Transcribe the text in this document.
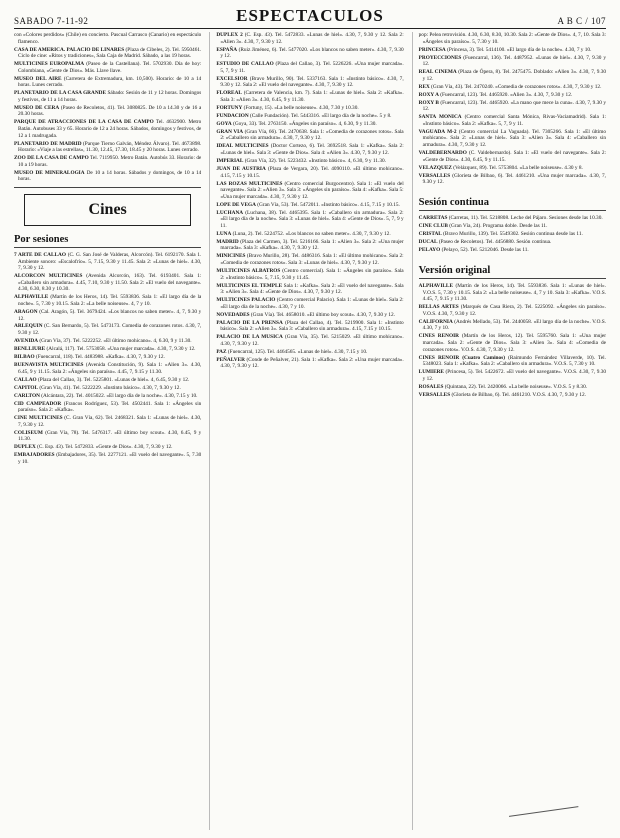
SABADO 7-11-92	ESPECTACULOS	A B C / 107

con «Colores perdidos» (Chile) en concierto. Pascual Carrasco (Canario) en espectáculo flamenco.

CASA DE AMERICA. PALACIO DE LINARES (Plaza de Cibeles, 2). Tel. 5950461. Ciclo de cine: «Ritos y tradiciones», Sala Caja de Madrid. Sábado, a las 19 horas.

MULTICINES EUROPALMA (Paseo de la Castellana). Tel. 5702930. Día de hoy: Colombiana, «Gente de Dios». Más. Llave llave.

MUSEO DEL AIRE (Carretera de Extremadura, km. 10,500). Horario: de 10 a 14 horas. Lunes cerrado.

PLANETARIO DE LA CASA GRANDE Sábado: Sesión de 11 y 12 horas. Domingos y festivos, de 11 a 14 horas.

MUSEO DE CERA (Paseo de Recoletos, 41). Tel. 3080825. De 10 a 14.30 y de 16 a 20.30 horas.

PARQUE DE ATRACCIONES DE LA CASA DE CAMPO Tel. 4632900. Metro Batán. Autobuses 33 y 65. Horario de 12 a 24 horas. Sábados, domingos y festivos, de 12 a 1 madrugada.

PLANETARIO DE MADRID (Parque Tierno Galván, Méndez Álvaro). Tel. 4673898. Horario: «Viaje a las estrellas», 11.30, 12.45, 17.30, 18.45 y 20 horas. Lunes cerrado.

ZOO DE LA CASA DE CAMPO Tel. 7119950. Metro Batán. Autobús 33. Horario: de 10 a 19 horas.

MUSEO DE MINERALOGIA De 10 a 14 horas. Sábados y domingos, de 10 a 14 horas.

Cines
Por sesiones

7 ARTE DE CALLAO (C. G. San José de Valderas, Alcorcón). Tel. 6192170. Sala 1. Ambiente sonoro: «Escalofrío». 5, 7.15, 9.30 y 11.45. Sala 2: «Lunas de hiel». 4.30, 7, 9.30 y 12.

ALCORCON MULTICINES (Avenida Alcorcón, 163). Tel. 6193401. Sala 1: «Caballero sin armadura». 4.45, 7.10, 9.30 y 11.50. Sala 2: «El vuelo del navegante». 4.30, 6.30, 8.30 y 10.30.

ALPHAVILLE (Martín de los Heros, 14). Tel. 5593836. Sala 1: «El largo día de la noche». 5, 7.30 y 10.15. Sala 2: «La belle noiseuse». 4, 7 y 10.

ARAGON (Cal. Aragón, 5). Tel. 3679424. «Los blancos no saben meter». 4, 7, 9.30 y 12.

ARLEQUIN (C. San Bernardo, 5). Tel. 5473173. Comedia de corazones rotos. 4.30, 7, 9.30 y 12.

AVENIDA (Gran Vía, 37). Tel. 5222252. «El último mohicano». 4, 6.30, 9 y 11.30.

BENLLIURE (Alcalá, 117). Tel. 5753058. «Una mujer marcada». 4.30, 7, 9.30 y 12.

BILBAO (Fuencarral, 118). Tel. 4483988. «Kafka». 4.30, 7, 9.30 y 12.

BUENAVISTA MULTICINES (Avenida Constitución, 9). Sala 1: «Alien 3». 4.30, 6.45, 9 y 11.15. Sala 2: «Ángeles sin paraíso». 4.45, 7, 9.15 y 11.30.

CALLAO (Plaza del Callao, 3). Tel. 5225801. «Lunas de hiel». 4, 6.45, 9.30 y 12.

CAPITOL (Gran Vía, 41). Tel. 5222229. «Instinto básico». 4.30, 7, 9.30 y 12.

CARLTON (Alcántara, 22). Tel. 4015022. «El largo día de la noche». 4.30, 7.15 y 10.

CID CAMPEADOR (Francos Rodríguez, 53). Tel. 4502441. Sala 1: «Ángeles sin paraíso». Sala 2: «Kafka».

CINE MULTICINES (C. Gran Vía, 62). Tel. 2468321. Sala 1: «Lunas de hiel». 4.30, 7, 9.30 y 12.

COLISEUM (Gran Vía, 78). Tel. 5476317. «El último boy scout». 4.30, 6.45, 9 y 11.30.

DUPLEX (C. Esp. 43). Tel. 5472833. «Gente de Dios». 4.30, 7, 9.30 y 12.

EMBAJADORES (Embajadores, 35). Tel. 2277121. «El vuelo del navegante». 5, 7.30 y 10.

DUPLEX 2 (C. Esp. 43). Tel. 5472833. «Lunas de hiel». 4.30, 7, 9.30 y 12. Sala 2: «Alien 3». 4.30, 7, 9.30 y 12.

ESPAÑA (Ruiz Jiménez, 6). Tel. 5477020. «Los blancos no saben meter». 4.30, 7, 9.30 y 12.

ESTUDIO DE CALLAO (Plaza del Callao, 3). Tel. 5226226. «Una mujer marcada». 5, 7, 9 y 11.

EXCELSIOR (Bravo Murillo, 90). Tel. 5337163. Sala 1: «Instinto básico». 4.30, 7, 9.30 y 12. Sala 2: «El vuelo del navegante». 4.30, 7, 9.30 y 12.

FLOREAL (Carretera de Valencia, km. 7). Sala 1: «Lunas de hiel». Sala 2: «Kafka». Sala 3: «Alien 3». 4.30, 6.45, 9 y 11.30.

FORTUNY (Fortuny, 15). «La belle noiseuse». 4.30, 7.30 y 10.30.

FUNDACION (Calle Fundación). Tel. 5443316. «El largo día de la noche». 5 y 8.

GOYA (Goya, 33). Tel. 2763150. «Ángeles sin paraíso». 4, 6.30, 9 y 11.30.

GRAN VIA (Gran Vía, 66). Tel. 2470638. Sala 1: «Comedia de corazones rotos». Sala 2: «Caballero sin armadura». 4.30, 7, 9.30 y 12.

IDEAL MULTICINES (Doctor Cortezo, 6). Tel. 3692518. Sala 1: «Kafka». Sala 2: «Lunas de hiel». Sala 3: «Gente de Dios». Sala 4: «Alien 3». 4.30, 7, 9.30 y 12.

IMPERIAL (Gran Vía, 32). Tel. 5223432. «Instinto básico». 4, 6.30, 9 y 11.30.

JUAN DE AUSTRIA (Plaza de Vergara, 20). Tel. 4090110. «El último mohicano». 4.15, 7.15 y 10.15.

LAS ROZAS MULTICINES (Centro comercial Burgocentro). Sala 1: «El vuelo del navegante». Sala 2: «Alien 3». Sala 3: «Ángeles sin paraíso». Sala 4: «Kafka». Sala 5: «Una mujer marcada». 4.30, 7, 9.30 y 12.

LOPE DE VEGA (Gran Vía, 53). Tel. 5472011. «Instinto básico». 4.15, 7.15 y 10.15.

LUCHANA (Luchana, 38). Tel. 4465395. Sala 1: «Caballero sin armadura». Sala 2: «El largo día de la noche». Sala 3: «Lunas de hiel». Sala 4: «Gente de Dios». 5, 7, 9 y 11.

LUNA (Luna, 2). Tel. 5224752. «Los blancos no saben meter». 4.30, 7, 9.30 y 12.

MADRID (Plaza del Carmen, 3). Tel. 5216166. Sala 1: «Alien 3». Sala 2: «Una mujer marcada». Sala 3: «Kafka». 4.30, 7, 9.30 y 12.

MINICINES (Bravo Murillo, 28). Tel. 4486316. Sala 1: «El último mohicano». Sala 2: «Comedia de corazones rotos». Sala 3: «Lunas de hiel». 4.30, 7, 9.30 y 12.

MULTICINES ALBATROS (Centro comercial). Sala 1: «Ángeles sin paraíso». Sala 2: «Instinto básico». 5, 7.15, 9.30 y 11.45.

MULTICINES EL TEMPLE Sala 1: «Kafka». Sala 2: «El vuelo del navegante». Sala 3: «Alien 3». Sala 4: «Gente de Dios». 4.30, 7, 9.30 y 12.

MULTICINES PALACIO (Centro comercial Palacio). Sala 1: «Lunas de hiel». Sala 2: «El largo día de la noche». 4.30, 7 y 10.

NOVEDADES (Gran Vía). Tel. 4658010. «El último boy scout». 4.30, 7, 9.30 y 12.

PALACIO DE LA PRENSA (Plaza del Callao, 4). Tel. 5219900. Sala 1: «Instinto básico». Sala 2: «Alien 3». Sala 3: «Caballero sin armadura». 4.15, 7.15 y 10.15.

PALACIO DE LA MUSICA (Gran Vía, 35). Tel. 5215029. «El último mohicano». 4.30, 7, 9.30 y 12.

PAZ (Fuencarral, 125). Tel. 4464565. «Lunas de hiel». 4.30, 7.15 y 10.

PEÑALVER (Conde de Peñalver, 21). Sala 1: «Kafka». Sala 2: «Una mujer marcada». 4.30, 7, 9.30 y 12.

pop: Pelea retrovisión. 4.30, 6.30, 8.30, 10.30. Sala 2: «Gente de Dios». 4, 7, 10. Sala 3: «Ángeles sin paraíso». 5, 7.30 y 10.

PRINCESA (Princesa, 3). Tel. 5414100. «El largo día de la noche». 4.30, 7 y 10.

PROYECCIONES (Fuencarral, 136). Tel. 4487952. «Lunas de hiel». 4.30, 7, 9.30 y 12.

REAL CINEMA (Plaza de Ópera, 8). Tel. 2475475. Doblado: «Alien 3». 4.30, 7, 9.30 y 12.

REX (Gran Vía, 43). Tel. 2470240. «Comedia de corazones rotos». 4.30, 7, 9.30 y 12.

ROXY A (Fuencarral, 123). Tel. 4465920. «Alien 3». 4.30, 7, 9.30 y 12.

ROXY B (Fuencarral, 123). Tel. 4465920. «La mano que mece la cuna». 4.30, 7, 9.30 y 12.

SANTA MONICA (Centro comercial Santa Mónica, Rivas-Vaciamadrid). Sala 1: «Instinto básico». Sala 2: «Kafka». 5, 7, 9 y 11.

VAGUADA M-2 (Centro comercial La Vaguada). Tel. 7305266. Sala 1: «El último mohicano». Sala 2: «Lunas de hiel». Sala 3: «Alien 3». Sala 4: «Caballero sin armadura». 4.30, 7, 9.30 y 12.

VALDEBERNARDO (C. Valdebernardo). Sala 1: «El vuelo del navegante». Sala 2: «Gente de Dios». 4.30, 6.45, 9 y 11.15.

VELAZQUEZ (Velázquez, 89). Tel. 5753804. «La belle noiseuse». 4.30 y 8.

VERSALLES (Glorieta de Bilbao, 6). Tel. 4461210. «Una mujer marcada». 4.30, 7, 9.30 y 12.

Sesión continua

CARRETAS (Carretas, 11). Tel. 5218808. Leche del Pájaro. Sesiones desde las 10.30.

CINE CLUB (Gran Vía, 24). Programa doble. Desde las 11.

CRISTAL (Bravo Murillo, 139). Tel. 5549302. Sesión continua desde las 11.

DUCAL (Paseo de Recoletos). Tel. 4456880. Sesión continua.

PELAYO (Pelayo, 52). Tel. 5212046. Desde las 11.

Versión original

ALPHAVILLE (Martín de los Heros, 14). Tel. 5593836. Sala 1: «Lunas de hiel». V.O.S. 5, 7.30 y 10.15. Sala 2: «La belle noiseuse». 4, 7 y 10. Sala 3: «Kafka». V.O.S. 4.45, 7, 9.15 y 11.30.

BELLAS ARTES (Marqués de Casa Riera, 2). Tel. 5225092. «Ángeles sin paraíso». V.O.S. 4.30, 7, 9.30 y 12.

CALIFORNIA (Andrés Mellado, 53). Tel. 2440058. «El largo día de la noche». V.O.S. 4.30, 7 y 10.

CINES RENOIR (Martín de los Heros, 12). Tel. 5595760. Sala 1: «Una mujer marcada». Sala 2: «Gente de Dios». Sala 3: «Alien 3». Sala 4: «Comedia de corazones rotos». V.O.S. 4.30, 7, 9.30 y 12.

CINES RENOIR (Cuatro Caminos) (Raimundo Fernández Villaverde, 10). Tel. 5348023. Sala 1: «Kafka». Sala 2: «Caballero sin armadura». V.O.S. 5, 7.30 y 10.

LUMIERE (Princesa, 5). Tel. 5422672. «El vuelo del navegante». V.O.S. 4.30, 7, 9.30 y 12.

ROSALES (Quintana, 22). Tel. 2420066. «La belle noiseuse». V.O.S. 5 y 8.30.

VERSALLES (Glorieta de Bilbao, 6). Tel. 4461210. V.O.S. 4.30, 7, 9.30 y 12.
